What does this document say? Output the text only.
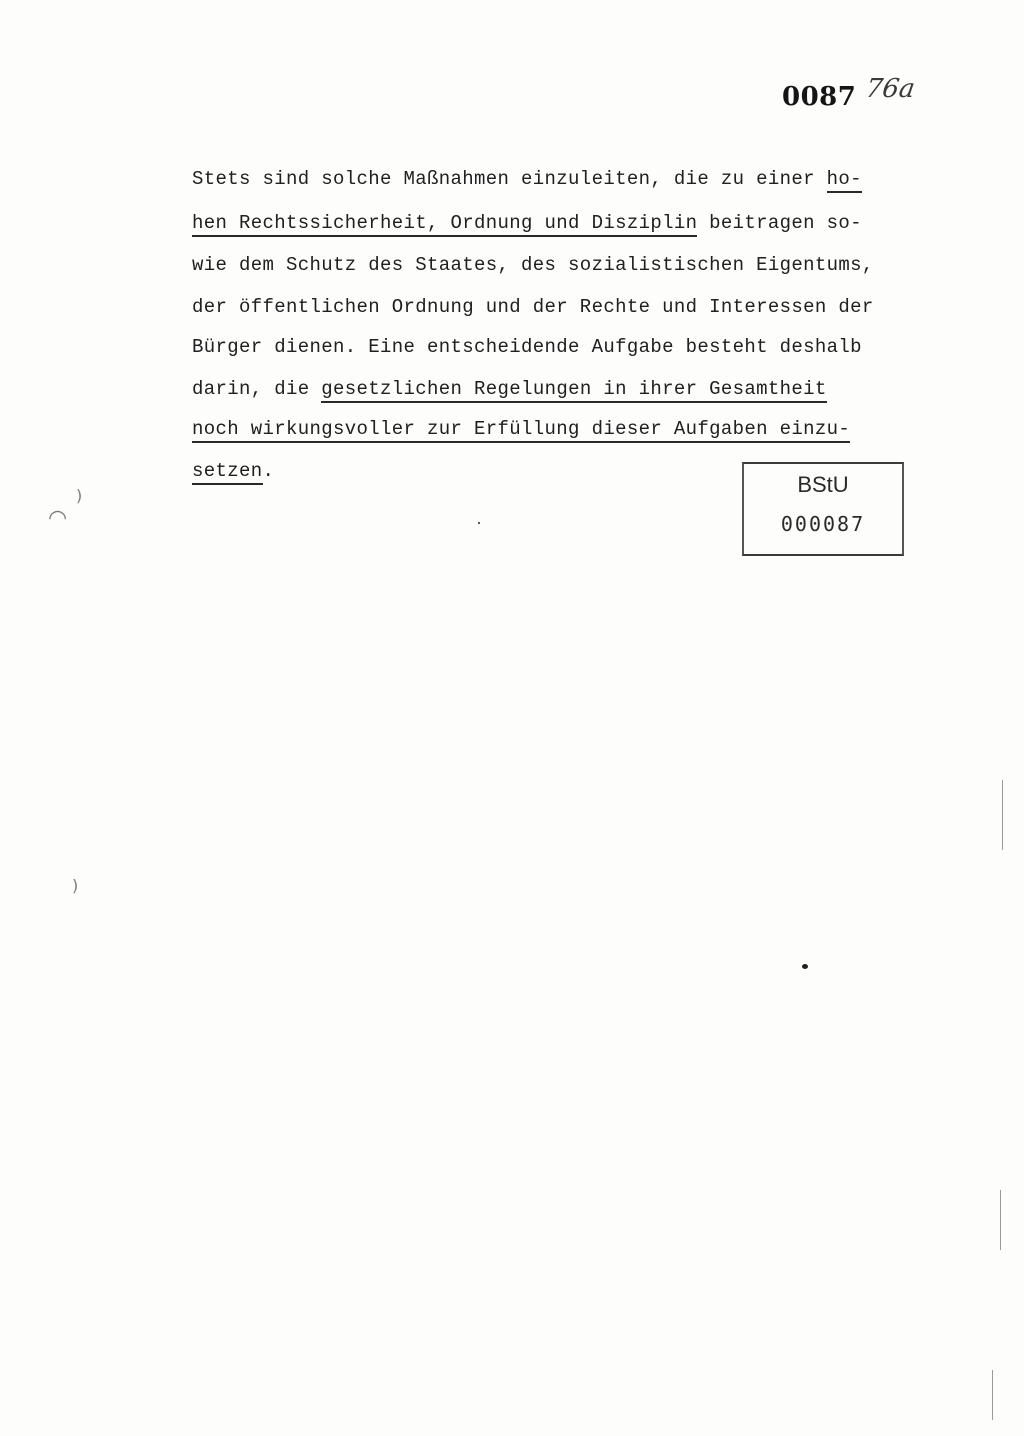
0087 76a
Stets sind solche Maßnahmen einzuleiten, die zu einer ho-
hen Rechtssicherheit, Ordnung und Disziplin beitragen so-
wie dem Schutz des Staates, des sozialistischen Eigentums,
der öffentlichen Ordnung und der Rechte und Interessen der
Bürger dienen. Eine entscheidende Aufgabe besteht deshalb
darin, die gesetzlichen Regelungen in ihrer Gesamtheit
noch wirkungsvoller zur Erfüllung dieser Aufgaben einzu-
setzen.
BStU
000087
)
◠
)
